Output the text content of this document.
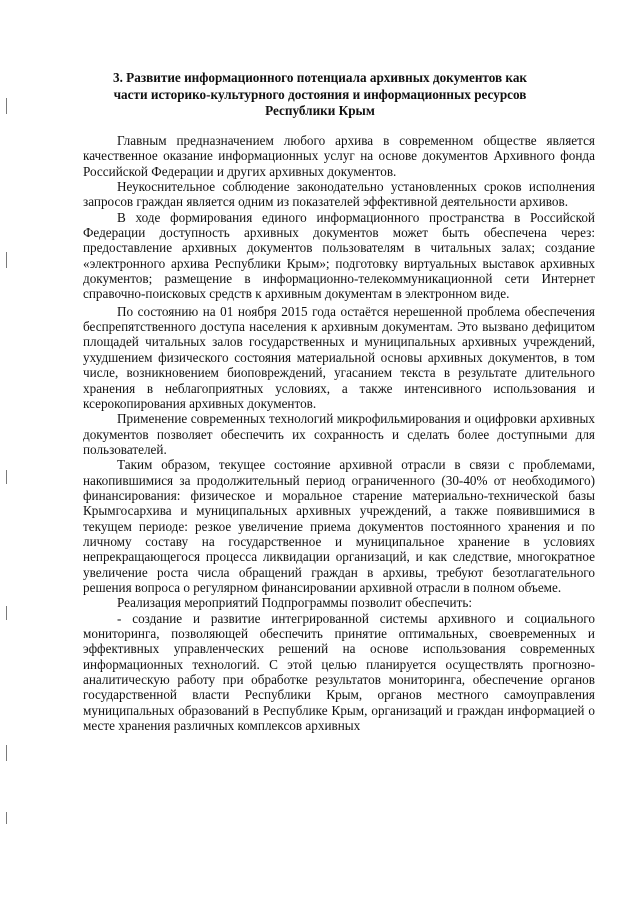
3. Развитие информационного потенциала архивных документов как
части историко-культурного достояния и информационных ресурсов
Республики Крым

Главным предназначением любого архива в современном обществе является качественное оказание информационных услуг на основе документов Архивного фонда Российской Федерации и других архивных документов.

Неукоснительное соблюдение законодательно установленных сроков исполнения запросов граждан является одним из показателей эффективной деятельности архивов.

В ходе формирования единого информационного пространства в Российской Федерации доступность архивных документов может быть обеспечена через: предоставление архивных документов пользователям в читальных залах; создание «электронного архива Республики Крым»; подготовку виртуальных выставок архивных документов; размещение в информационно-телекоммуникационной сети Интернет справочно-поисковых средств к архивным документам в электронном виде.

По состоянию на 01 ноября 2015 года остаётся нерешенной проблема обеспечения беспрепятственного доступа населения к архивным документам. Это вызвано дефицитом площадей читальных залов государственных и муниципальных архивных учреждений, ухудшением физического состояния материальной основы архивных документов, в том числе, возникновением биоповреждений, угасанием текста в результате длительного хранения в неблагоприятных условиях, а также интенсивного использования и ксерокопирования архивных документов.

Применение современных технологий микрофильмирования и оцифровки архивных документов позволяет обеспечить их сохранность и сделать более доступными для пользователей.

Таким образом, текущее состояние архивной отрасли в связи с проблемами, накопившимися за продолжительный период ограниченного (30-40% от необходимого) финансирования: физическое и моральное старение материально-технической базы Крымгосархива и муниципальных архивных учреждений, а также появившимися в текущем периоде: резкое увеличение приема документов постоянного хранения и по личному составу на государственное и муниципальное хранение в условиях непрекращающегося процесса ликвидации организаций, и как следствие, многократное увеличение роста числа обращений граждан в архивы, требуют безотлагательного решения вопроса о регулярном финансировании архивной отрасли в полном объеме.

Реализация мероприятий Подпрограммы позволит обеспечить:

- создание и развитие интегрированной системы архивного и социального мониторинга, позволяющей обеспечить принятие оптимальных, своевременных и эффективных управленческих решений на основе использования современных информационных технологий. С этой целью планируется осуществлять прогнозно-аналитическую работу при обработке результатов мониторинга, обеспечение органов государственной власти Республики Крым, органов местного самоуправления муниципальных образований в Республике Крым, организаций и граждан информацией о месте хранения различных комплексов архивных
